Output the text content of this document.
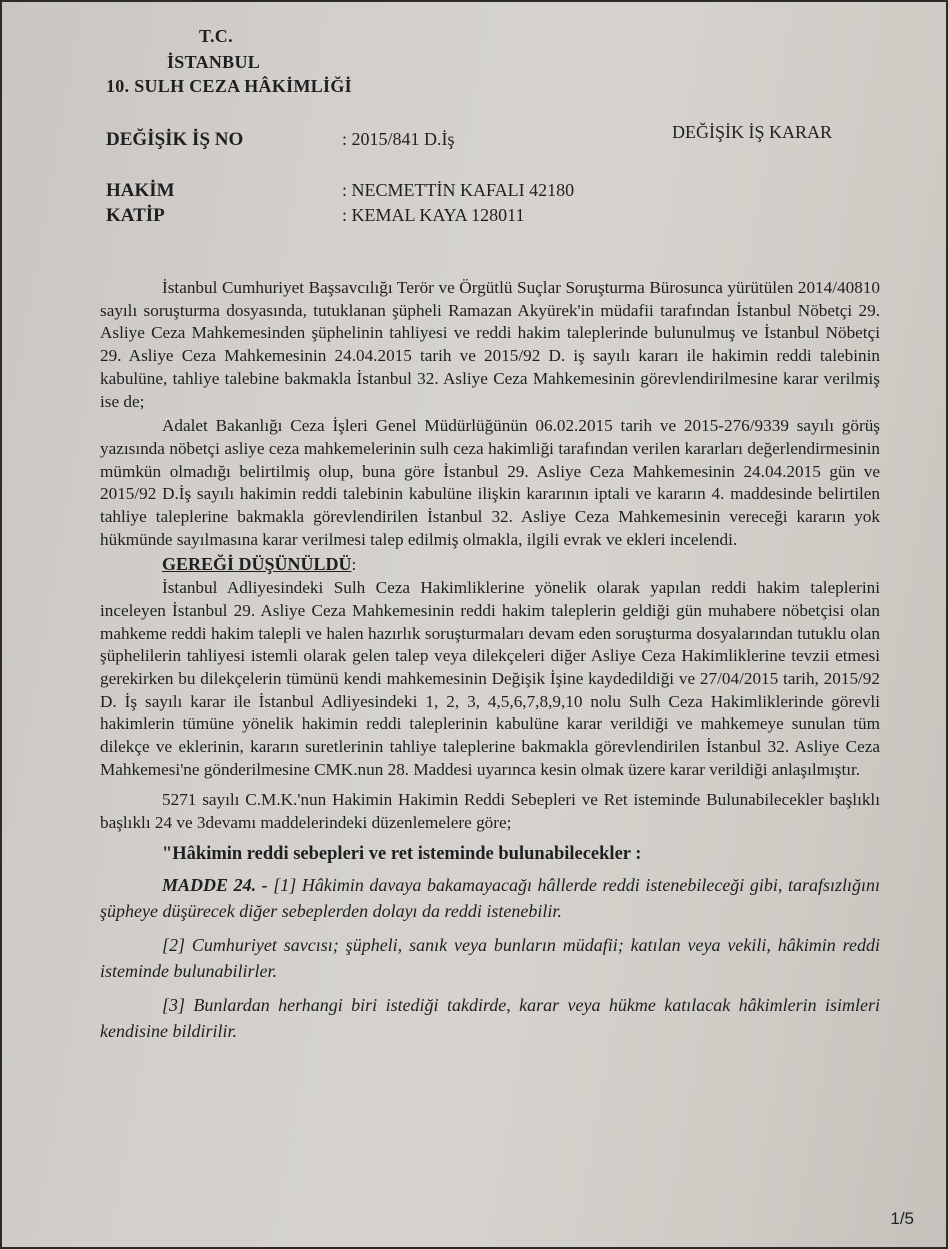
T.C.
İSTANBUL
10. SULH CEZA HÂKİMLİĞİ
DEĞİŞİK İŞ NO	: 2015/841 D.İş	DEĞİŞİK İŞ KARAR
HAKİM	: NECMETTİN KAFALI 42180
KATİP	: KEMAL KAYA 128011

İstanbul Cumhuriyet Başsavcılığı Terör ve Örgütlü Suçlar Soruşturma Bürosunca yürütülen 2014/40810 sayılı soruşturma dosyasında, tutuklanan şüpheli Ramazan Akyürek'in müdafii tarafından İstanbul Nöbetçi 29. Asliye Ceza Mahkemesinden şüphelinin tahliyesi ve reddi hakim taleplerinde bulunulmuş ve İstanbul Nöbetçi 29. Asliye Ceza Mahkemesinin 24.04.2015 tarih ve 2015/92 D. iş sayılı kararı ile hakimin reddi talebinin kabulüne, tahliye talebine bakmakla İstanbul 32. Asliye Ceza Mahkemesinin görevlendirilmesine karar verilmiş ise de;

Adalet Bakanlığı Ceza İşleri Genel Müdürlüğünün 06.02.2015 tarih ve 2015-276/9339 sayılı görüş yazısında nöbetçi asliye ceza mahkemelerinin sulh ceza hakimliği tarafından verilen kararları değerlendirmesinin mümkün olmadığı belirtilmiş olup, buna göre İstanbul 29. Asliye Ceza Mahkemesinin 24.04.2015 gün ve 2015/92 D.İş sayılı hakimin reddi talebinin kabulüne ilişkin kararının iptali ve kararın 4. maddesinde belirtilen tahliye taleplerine bakmakla görevlendirilen İstanbul 32. Asliye Ceza Mahkemesinin vereceği kararın yok hükmünde sayılmasına karar verilmesi talep edilmiş olmakla, ilgili evrak ve ekleri incelendi.

GEREĞİ DÜŞÜNÜLDÜ:

İstanbul Adliyesindeki Sulh Ceza Hakimliklerine yönelik olarak yapılan reddi hakim taleplerini inceleyen İstanbul 29. Asliye Ceza Mahkemesinin reddi hakim taleplerin geldiği gün muhabere nöbetçisi olan mahkeme reddi hakim talepli ve halen hazırlık soruşturmaları devam eden soruşturma dosyalarından tutuklu olan şüphelilerin tahliyesi istemli olarak gelen talep veya dilekçeleri diğer Asliye Ceza Hakimliklerine tevzii etmesi gerekirken bu dilekçelerin tümünü kendi mahkemesinin Değişik İşine kaydedildiği ve 27/04/2015 tarih, 2015/92 D. İş sayılı karar ile İstanbul Adliyesindeki 1, 2, 3, 4,5,6,7,8,9,10 nolu Sulh Ceza Hakimliklerinde görevli hakimlerin tümüne yönelik hakimin reddi taleplerinin kabulüne karar verildiği ve mahkemeye sunulan tüm dilekçe ve eklerinin, kararın suretlerinin tahliye taleplerine bakmakla görevlendirilen İstanbul 32. Asliye Ceza Mahkemesi'ne gönderilmesine CMK.nun 28. Maddesi uyarınca kesin olmak üzere karar verildiği anlaşılmıştır.

5271 sayılı C.M.K.'nun Hakimin Hakimin Reddi Sebepleri ve Ret isteminde Bulunabilecekler başlıklı başlıklı 24 ve 3devamı maddelerindeki düzenlemelere göre;

"Hâkimin reddi sebepleri ve ret isteminde bulunabilecekler :

MADDE 24. - [1] Hâkimin davaya bakamayacağı hâllerde reddi istenebileceği gibi, tarafsızlığını şüpheye düşürecek diğer sebeplerden dolayı da reddi istenebilir.

[2] Cumhuriyet savcısı; şüpheli, sanık veya bunların müdafii; katılan veya vekili, hâkimin reddi isteminde bulunabilirler.

[3] Bunlardan herhangi biri istediği takdirde, karar veya hükme katılacak hâkimlerin isimleri kendisine bildirilir.

1/5
